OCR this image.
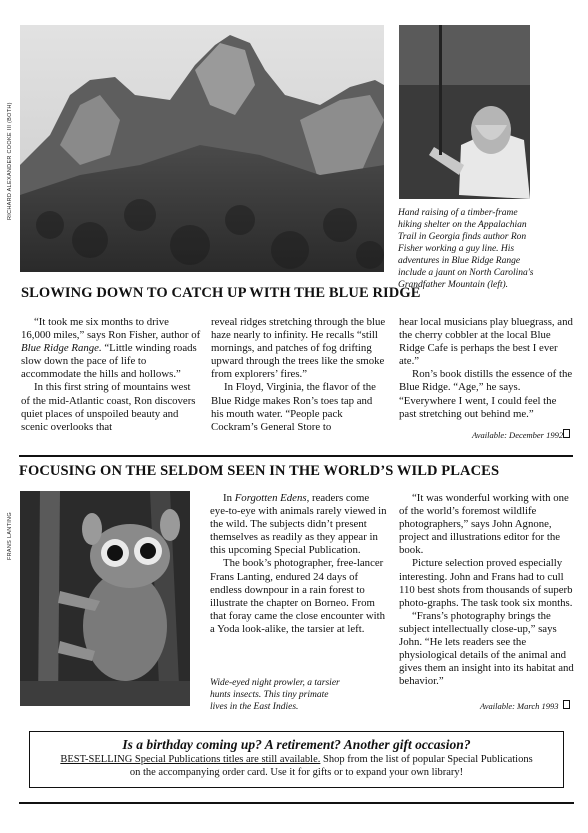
RICHARD ALEXANDER COOKE III (BOTH)	Hand raising of a timber-frame hiking shelter on the Appalachian Trail in Georgia finds author Ron Fisher working a guy line. His adventures in Blue Ridge Range include a jaunt on North Carolina's Grandfather Mountain (left).
SLOWING DOWN TO CATCH UP WITH THE BLUE RIDGE

“It took me six months to drive 16,000 miles,” says Ron Fisher, author of Blue Ridge Range. “Little winding roads slow down the pace of life to accommodate the hills and hollows.”

In this first string of mountains west of the mid-Atlantic coast, Ron discovers quiet places of unspoiled beauty and scenic overlooks that

reveal ridges stretching through the blue haze nearly to infinity. He recalls “still mornings, and patches of fog drifting upward through the trees like the smoke from explorers’ fires.”

In Floyd, Virginia, the flavor of the Blue Ridge makes Ron’s toes tap and his mouth water. “People pack Cockram’s General Store to

hear local musicians play bluegrass, and the cherry cobbler at the local Blue Ridge Cafe is perhaps the best I ever ate.”

Ron’s book distills the essence of the Blue Ridge. “Age,” he says. “Everywhere I went, I could feel the past stretching out behind me.”

Available: December 1992
FOCUSING ON THE SELDOM SEEN IN THE WORLD’S WILD PLACES
FRANS LANTING

In Forgotten Edens, readers come eye-to-eye with animals rarely viewed in the wild. The subjects didn’t present themselves as readily as they appear in this upcoming Special Publication.

The book’s photographer, free-lancer Frans Lanting, endured 24 days of endless downpour in a rain forest to illustrate the chapter on Borneo. From that foray came the close encounter with a Yoda look-alike, the tarsier at left.

Wide-eyed night prowler, a tarsier hunts insects. This tiny primate lives in the East Indies.

“It was wonderful working with one of the world’s foremost wildlife photographers,” says John Agnone, project and illustrations editor for the book.

Picture selection proved especially interesting. John and Frans had to cull 110 best shots from thousands of superb photo-graphs. The task took six months.

“Frans’s photography brings the subject intellectually close-up,” says John. “He lets readers see the physiological details of the animal and gives them an insight into its habitat and behavior.”

Available: March 1993
Is a birthday coming up? A retirement? Another gift occasion?
BEST-SELLING Special Publications titles are still available. Shop from the list of popular Special Publications
on the accompanying order card. Use it for gifts or to expand your own library!
